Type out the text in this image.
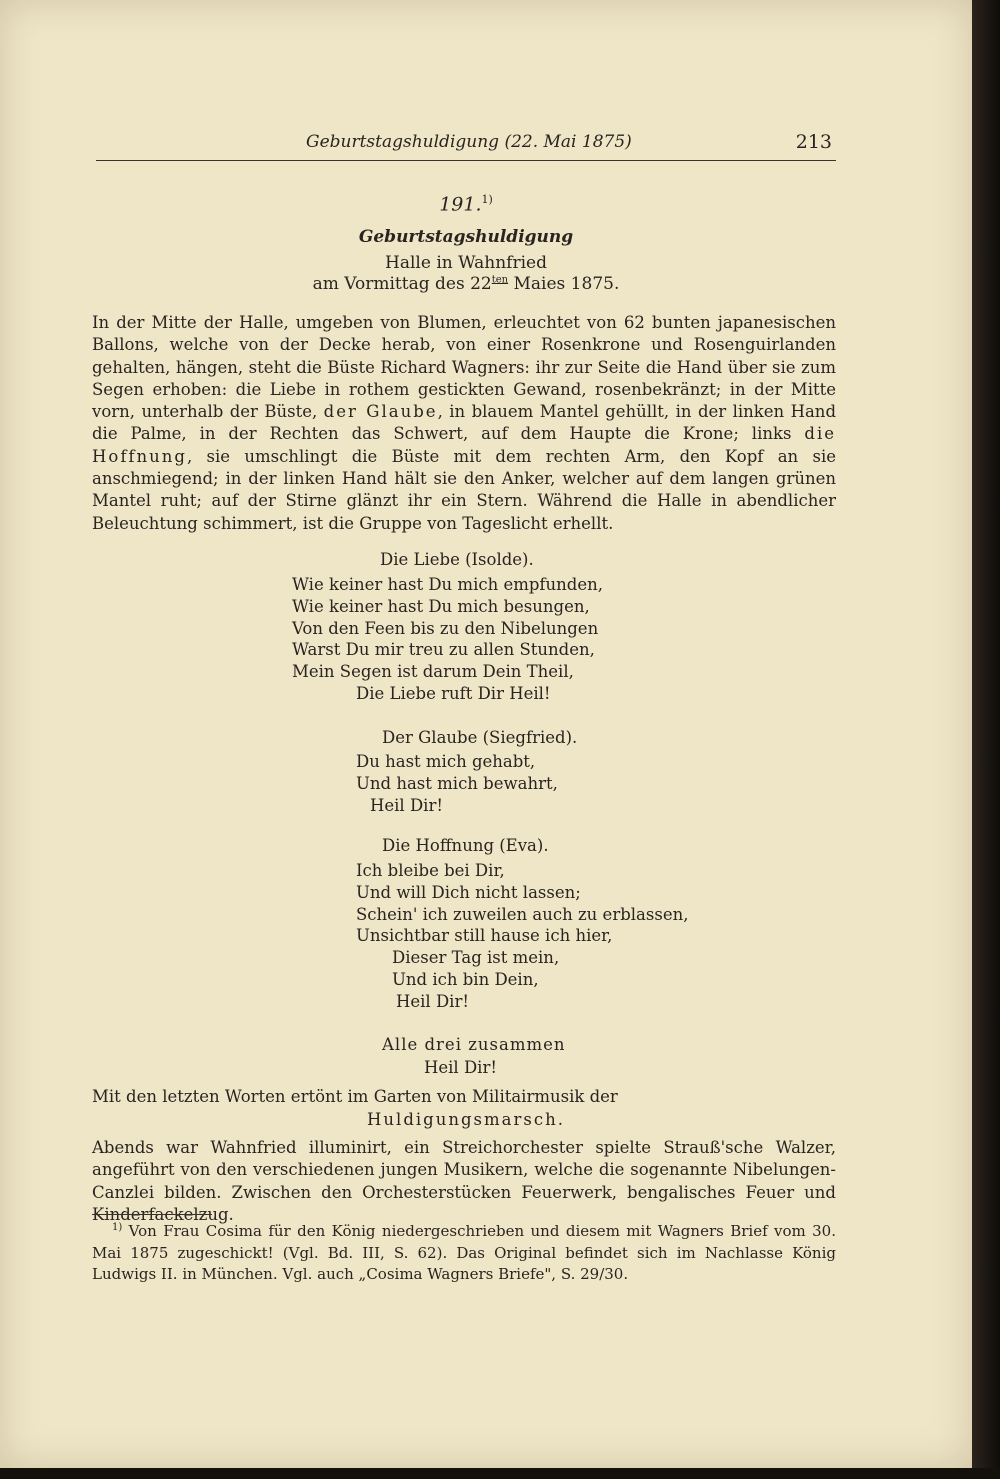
Geburtstagshuldigung (22. Mai 1875)	213
191.$^{1)}$
Geburtstagshuldigung
Halle in Wahnfried
am Vormittag des $22^{ten}$ Maies 1875.
In der Mitte der Halle, umgeben von Blumen, erleuchtet von 62 bunten japanesischen Ballons, welche von der Decke herab, von einer Rosenkrone und Rosenguirlanden gehalten, hängen, steht die Büste Richard Wagners: ihr zur Seite die Hand über sie zum Segen erhoben: die Liebe in rothem gestickten Gewand, rosenbekränzt; in der Mitte vorn, unterhalb der Büste, der Glaube, in blauem Mantel gehüllt, in der linken Hand die Palme, in der Rechten das Schwert, auf dem Haupte die Krone; links die Hoffnung, sie umschlingt die Büste mit dem rechten Arm, den Kopf an sie anschmiegend; in der linken Hand hält sie den Anker, welcher auf dem langen grünen Mantel ruht; auf der Stirne glänzt ihr ein Stern. Während die Halle in abendlicher Beleuchtung schimmert, ist die Gruppe von Tageslicht erhellt.
Die Liebe (Isolde).
Wie keiner hast Du mich empfunden,
Wie keiner hast Du mich besungen,
Von den Feen bis zu den Nibelungen
Warst Du mir treu zu allen Stunden,
Mein Segen ist darum Dein Theil,
Die Liebe ruft Dir Heil!
Der Glaube (Siegfried).
Du hast mich gehabt,
Und hast mich bewahrt,
Heil Dir!
Die Hoffnung (Eva).
Ich bleibe bei Dir,
Und will Dich nicht lassen;
Schein' ich zuweilen auch zu erblassen,
Unsichtbar still hause ich hier,
Dieser Tag ist mein,
Und ich bin Dein,
Heil Dir!
Alle drei zusammen
Heil Dir!
Mit den letzten Worten ertönt im Garten von Militairmusik der
Huldigungsmarsch.
Abends war Wahnfried illuminirt, ein Streichorchester spielte Strauß'sche Walzer, angeführt von den verschiedenen jungen Musikern, welche die sogenannte Nibelungen-Canzlei bilden. Zwischen den Orchesterstücken Feuerwerk, bengalisches Feuer und Kinderfackelzug.
$^{1)}$ Von Frau Cosima für den König niedergeschrieben und diesem mit Wagners Brief vom 30. Mai 1875 zugeschickt! (Vgl. Bd. III, S. 62). Das Original befindet sich im Nachlasse König Ludwigs II. in München. Vgl. auch „Cosima Wagners Briefe", S. 29/30.
